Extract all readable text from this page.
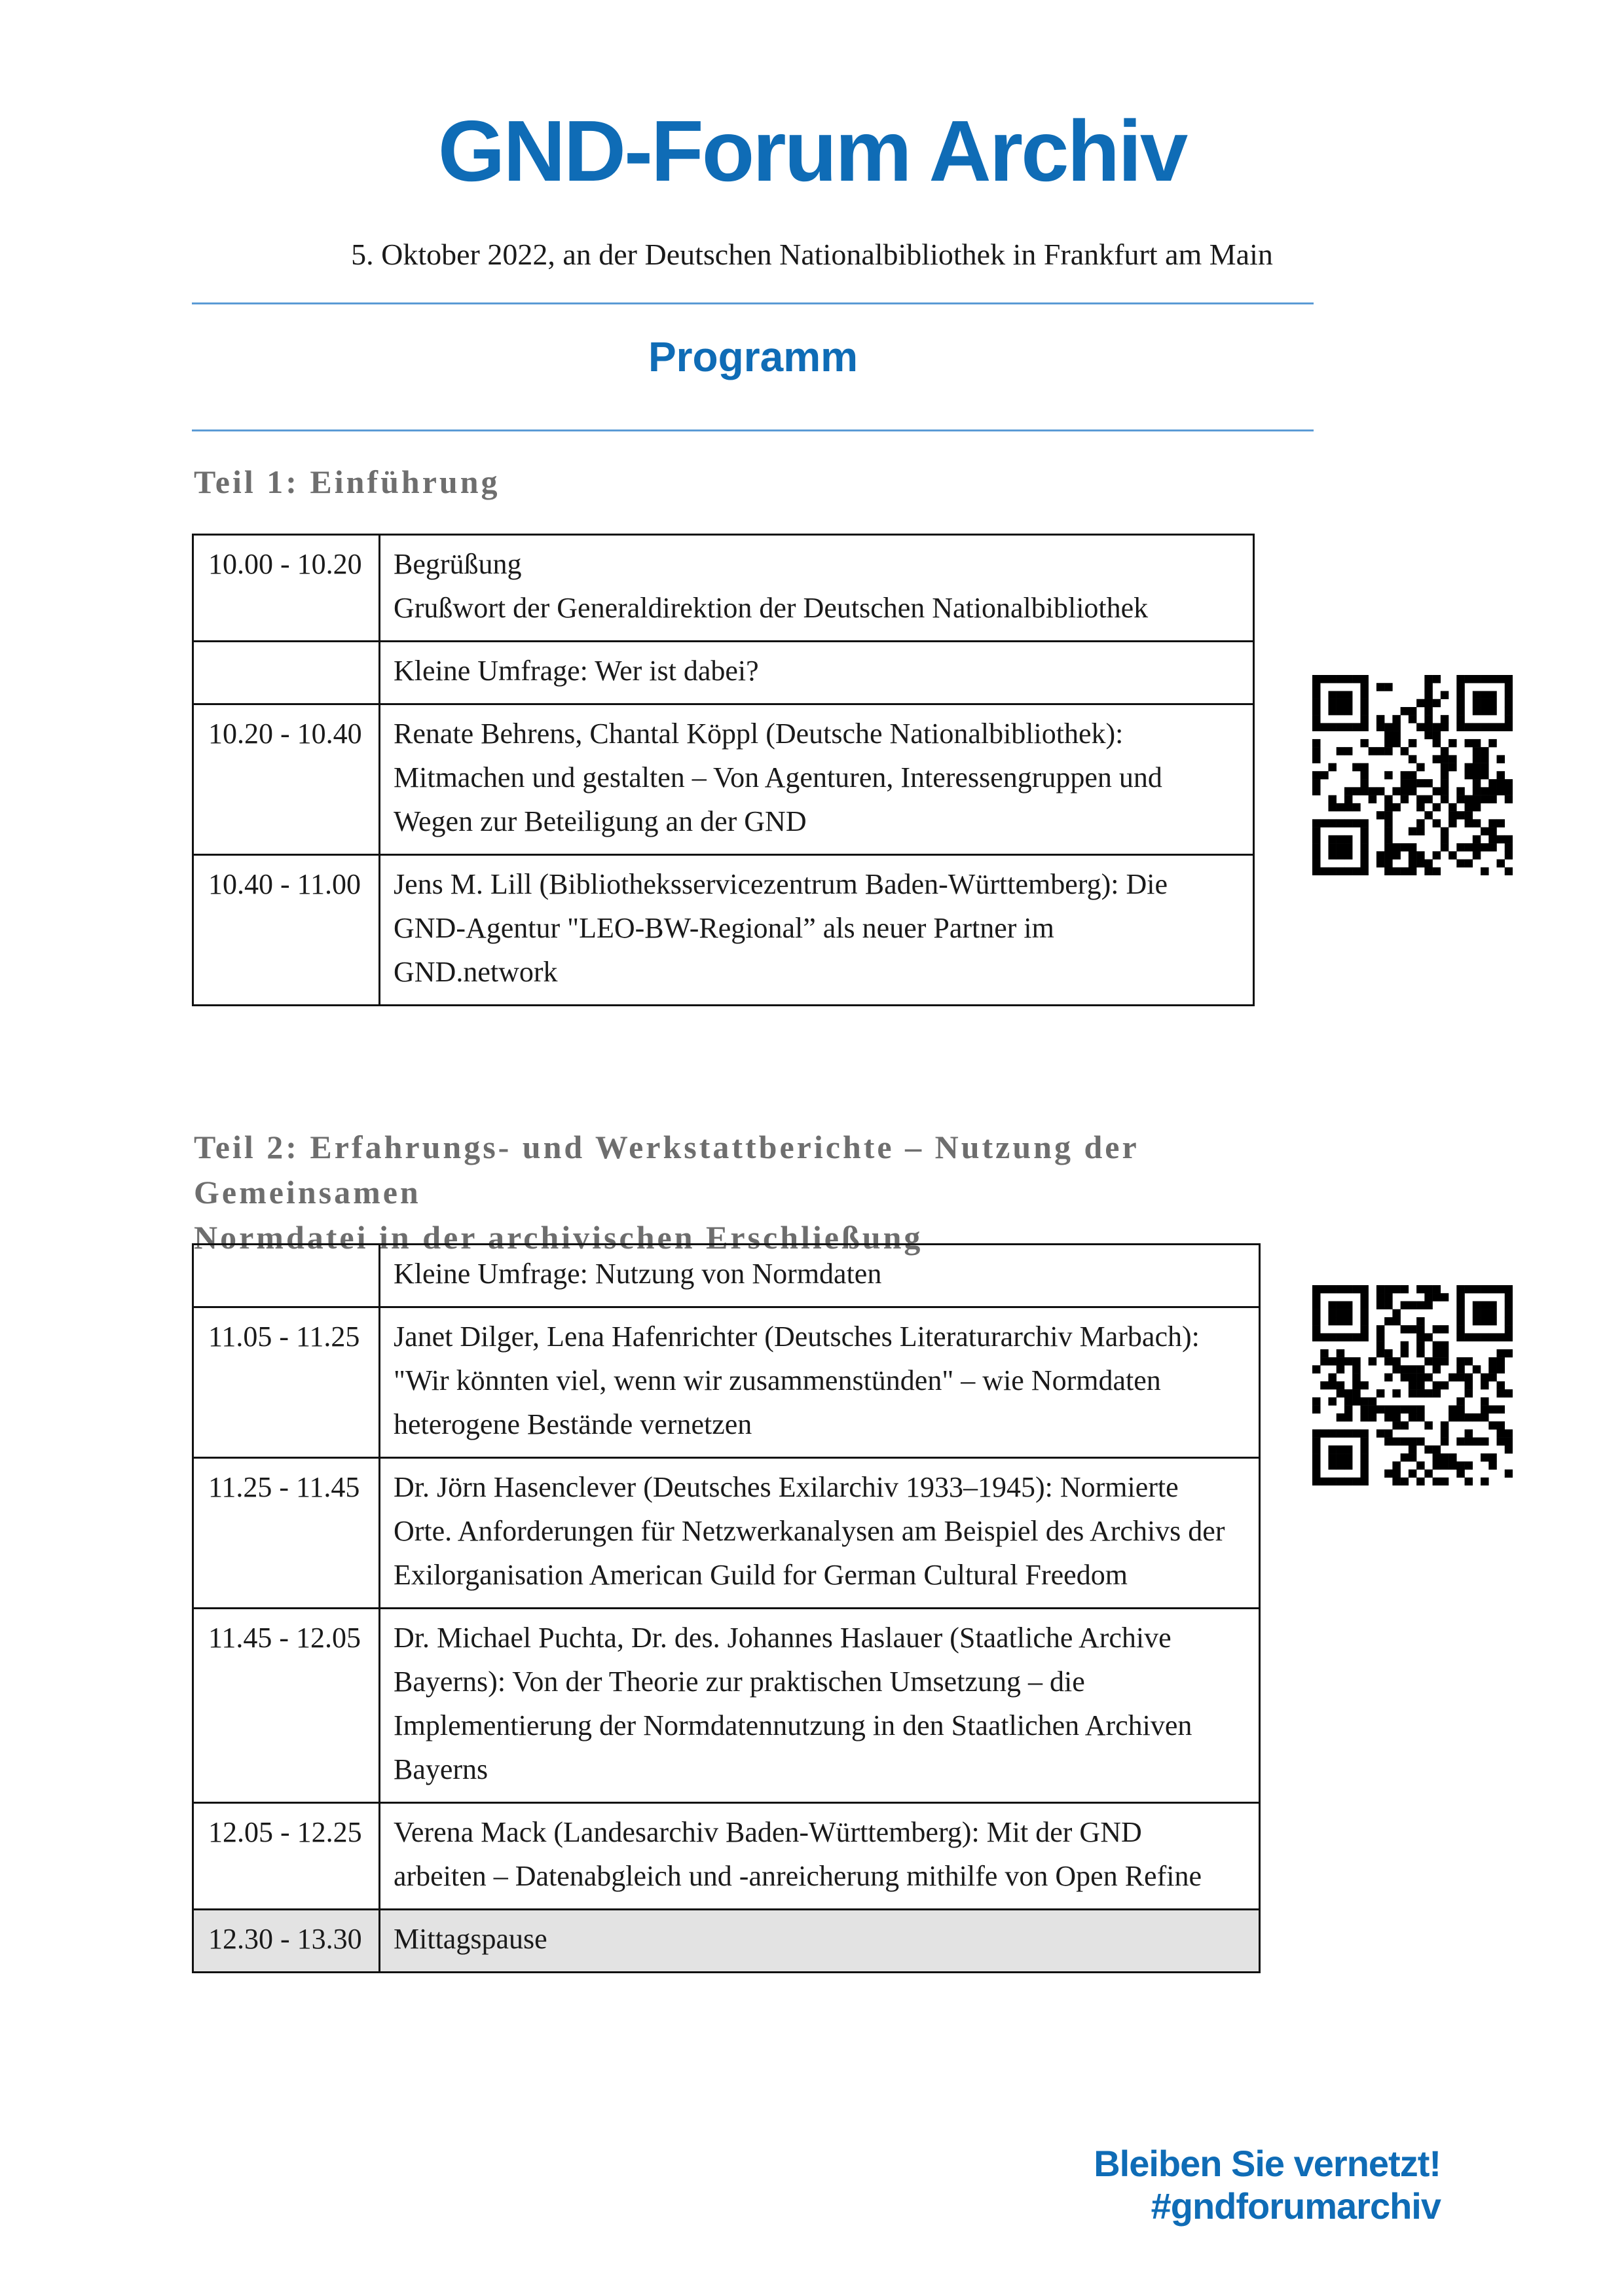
GND-Forum Archiv
5. Oktober 2022, an der Deutschen Nationalbibliothek in Frankfurt am Main
Programm
Teil 1: Einführung
10.00 - 10.20	Begrüßung
Grußwort der Generaldirektion der Deutschen Nationalbibliothek

	Kleine Umfrage: Wer ist dabei?

10.20 - 10.40	Renate Behrens, Chantal Köppl (Deutsche Nationalbibliothek):
Mitmachen und gestalten – Von Agenturen, Interessengruppen und
Wegen zur Beteiligung an der GND

10.40 - 11.00	Jens M. Lill (Bibliotheksservicezentrum Baden-Württemberg): Die
GND-Agentur "LEO-BW-Regional” als neuer Partner im
GND.network
Teil 2: Erfahrungs- und Werkstattberichte – Nutzung der Gemeinsamen
Normdatei in der archivischen Erschließung

	Kleine Umfrage: Nutzung von Normdaten

11.05 - 11.25	Janet Dilger, Lena Hafenrichter (Deutsches Literaturarchiv Marbach):
"Wir könnten viel, wenn wir zusammenstünden" – wie Normdaten
heterogene Bestände vernetzen

11.25 - 11.45	Dr. Jörn Hasenclever (Deutsches Exilarchiv 1933–1945): Normierte
Orte. Anforderungen für Netzwerkanalysen am Beispiel des Archivs der
Exilorganisation American Guild for German Cultural Freedom

11.45 - 12.05	Dr. Michael Puchta, Dr. des. Johannes Haslauer (Staatliche Archive
Bayerns): Von der Theorie zur praktischen Umsetzung – die
Implementierung der Normdatennutzung in den Staatlichen Archiven
Bayerns

12.05 - 12.25	Verena Mack (Landesarchiv Baden-Württemberg): Mit der GND
arbeiten – Datenabgleich und -anreicherung mithilfe von Open Refine

12.30 - 13.30	Mittagspause
Bleiben Sie vernetzt! #gndforumarchiv
